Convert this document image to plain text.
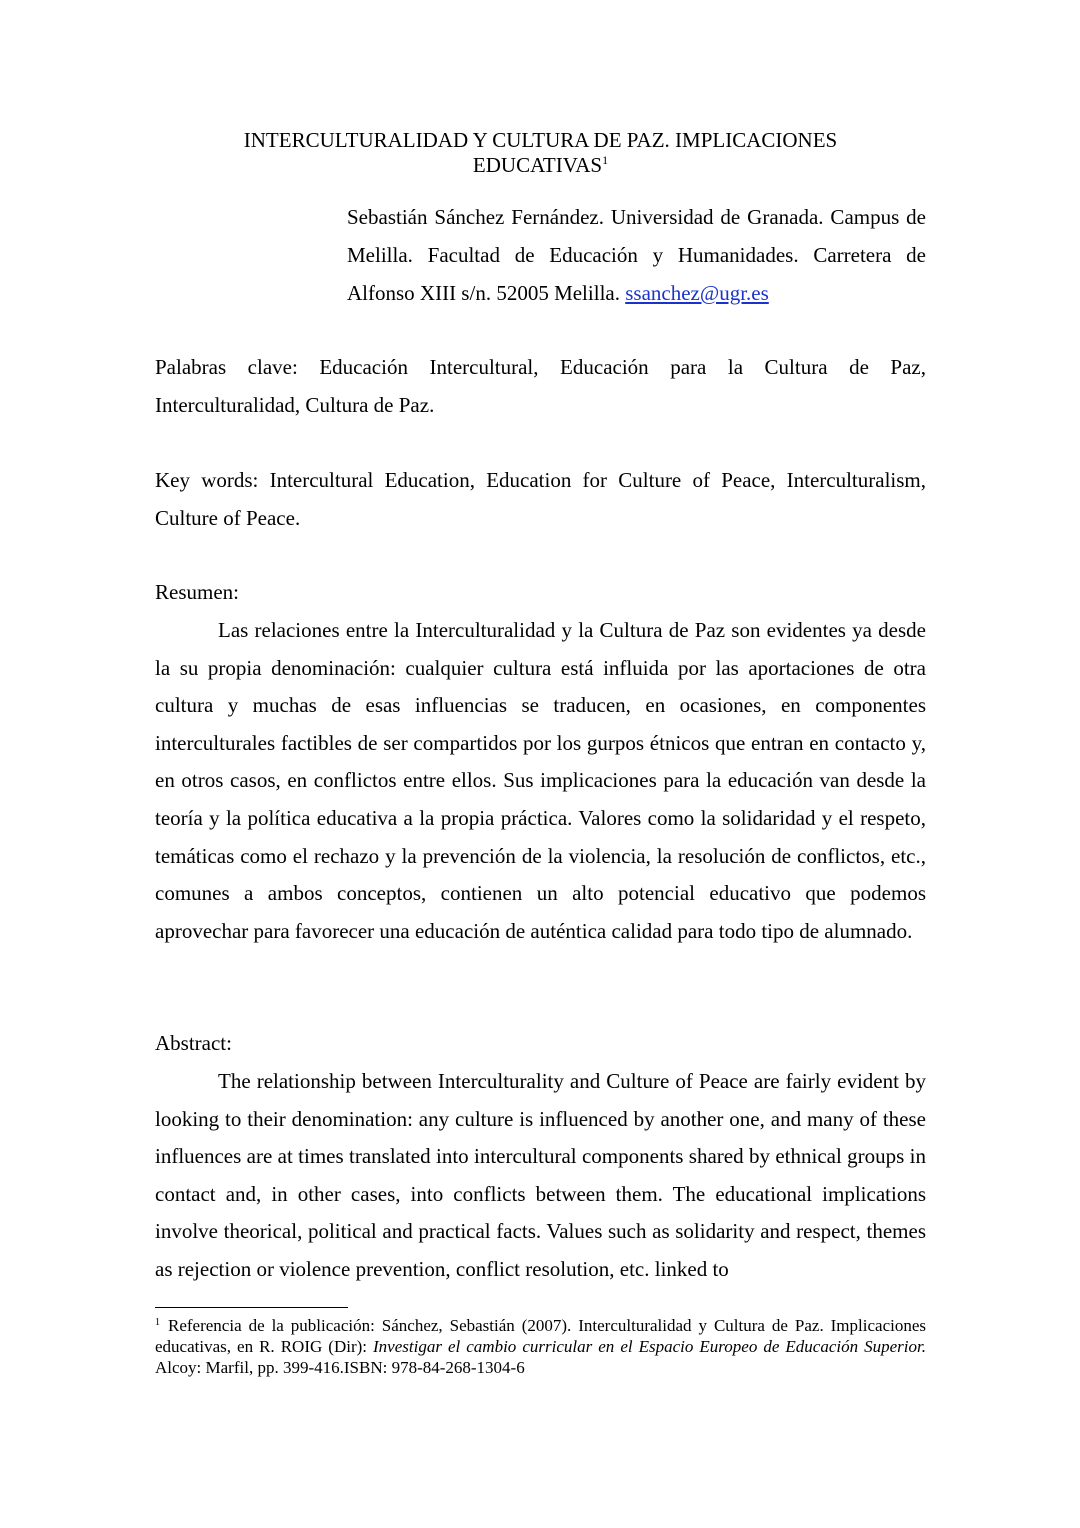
INTERCULTURALIDAD Y CULTURA DE PAZ. IMPLICACIONES
EDUCATIVAS$^1$
Sebastián Sánchez Fernández. Universidad de Granada. Campus de Melilla. Facultad de Educación y Humanidades. Carretera de Alfonso XIII s/n. 52005 Melilla. ssanchez@ugr.es
Palabras clave: Educación Intercultural, Educación para la Cultura de Paz, Interculturalidad, Cultura de Paz.
Key words: Intercultural Education, Education for Culture of Peace, Interculturalism, Culture of Peace.
Resumen:
Las relaciones entre la Interculturalidad y la Cultura de Paz son evidentes ya desde la su propia denominación: cualquier cultura está influida por las aportaciones de otra cultura y muchas de esas influencias se traducen, en ocasiones, en componentes interculturales factibles de ser compartidos por los gurpos étnicos que entran en contacto y, en otros casos, en conflictos entre ellos. Sus implicaciones para la educación van desde la teoría y la política educativa a la propia práctica. Valores como la solidaridad y el respeto, temáticas como el rechazo y la prevención de la violencia, la resolución de conflictos, etc., comunes a ambos conceptos, contienen un alto potencial educativo que podemos aprovechar para favorecer una educación de auténtica calidad para todo tipo de alumnado.
Abstract:
The relationship between Interculturality and Culture of Peace are fairly evident by looking to their denomination: any culture is influenced by another one, and many of these influences are at times translated into intercultural components shared by ethnical groups in contact and, in other cases, into conflicts between them. The educational implications involve theorical, political and practical facts. Values such as solidarity and respect, themes as rejection or violence prevention, conflict resolution, etc. linked to
$^1$ Referencia de la publicación: Sánchez, Sebastián (2007). Interculturalidad y Cultura de Paz. Implicaciones educativas, en R. ROIG (Dir): Investigar el cambio curricular en el Espacio Europeo de Educación Superior. Alcoy: Marfil, pp. 399-416.ISBN: 978-84-268-1304-6
